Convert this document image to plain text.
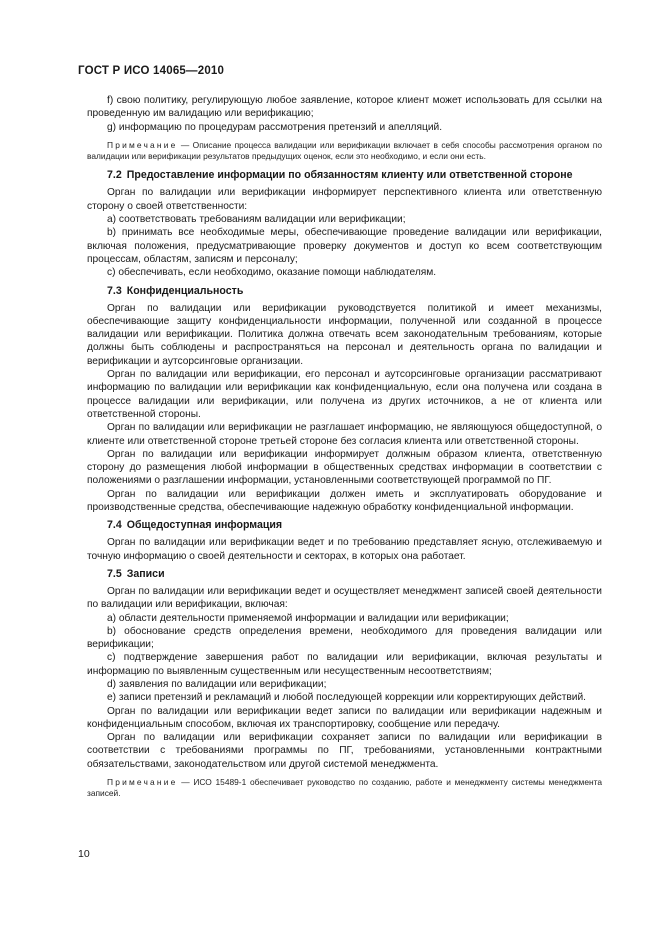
ГОСТ Р ИСО 14065—2010

f) свою политику, регулирующую любое заявление, которое клиент может использовать для ссылки на проведенную им валидацию или верификацию;

g) информацию по процедурам рассмотрения претензий и апелляций.

Примечание — Описание процесса валидации или верификации включает в себя способы рассмотрения органом по валидации или верификации результатов предыдущих оценок, если это необходимо, и если они есть.
7.2 Предоставление информации по обязанностям клиенту или ответственной стороне

Орган по валидации или верификации информирует перспективного клиента или ответственную сторону о своей ответственности:

a) соответствовать требованиям валидации или верификации;

b) принимать все необходимые меры, обеспечивающие проведение валидации или верификации, включая положения, предусматривающие проверку документов и доступ ко всем соответствующим процессам, областям, записям и персоналу;

c) обеспечивать, если необходимо, оказание помощи наблюдателям.

7.3 Конфиденциальность

Орган по валидации или верификации руководствуется политикой и имеет механизмы, обеспечивающие защиту конфиденциальности информации, полученной или созданной в процессе валидации или верификации. Политика должна отвечать всем законодательным требованиям, которые должны быть соблюдены и распространяться на персонал и деятельность органа по валидации и верификации и аутсорсинговые организации.

Орган по валидации или верификации, его персонал и аутсорсинговые организации рассматривают информацию по валидации или верификации как конфиденциальную, если она получена или создана в процессе валидации или верификации, или получена из других источников, а не от клиента или ответственной стороны.

Орган по валидации или верификации не разглашает информацию, не являющуюся общедоступной, о клиенте или ответственной стороне третьей стороне без согласия клиента или ответственной стороны.

Орган по валидации или верификации информирует должным образом клиента, ответственную сторону до размещения любой информации в общественных средствах информации в соответствии с положениями о разглашении информации, установленными соответствующей программой по ПГ.

Орган по валидации или верификации должен иметь и эксплуатировать оборудование и производственные средства, обеспечивающие надежную обработку конфиденциальной информации.

7.4 Общедоступная информация

Орган по валидации или верификации ведет и по требованию представляет ясную, отслеживаемую и точную информацию о своей деятельности и секторах, в которых она работает.

7.5 Записи

Орган по валидации или верификации ведет и осуществляет менеджмент записей своей деятельности по валидации или верификации, включая:

a) области деятельности применяемой информации и валидации или верификации;

b) обоснование средств определения времени, необходимого для проведения валидации или верификации;

c) подтверждение завершения работ по валидации или верификации, включая результаты и информацию по выявленным существенным или несущественным несоответствиям;

d) заявления по валидации или верификации;

e) записи претензий и рекламаций и любой последующей коррекции или корректирующих действий.

Орган по валидации или верификации ведет записи по валидации или верификации надежным и конфиденциальным способом, включая их транспортировку, сообщение или передачу.

Орган по валидации или верификации сохраняет записи по валидации или верификации в соответствии с требованиями программы по ПГ, требованиями, установленными контрактными обязательствами, законодательством или другой системой менеджмента.

Примечание — ИСО 15489-1 обеспечивает руководство по созданию, работе и менеджменту системы менеджмента записей.
10
